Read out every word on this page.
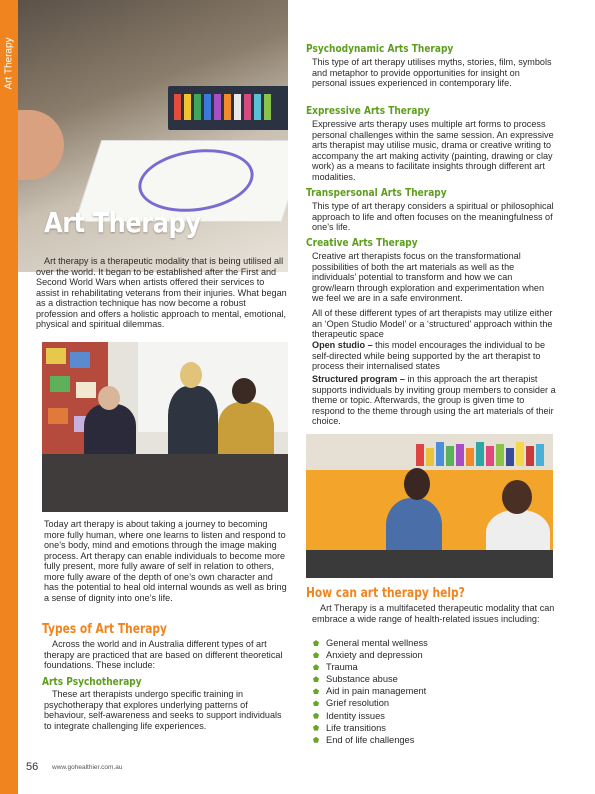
Art Therapy
Art Therapy

Art therapy is a therapeutic modality that is being utilised all over the world. It began to be established after the First and Second World Wars when artists offered their services to assist in rehabilitating veterans from their injuries. What began as a distraction technique has now become a robust profession and offers a holistic approach to mental, emotional, physical and spiritual dilemmas.

Today art therapy is about taking a journey to becoming more fully human, where one learns to listen and respond to one’s body, mind and emotions through the image making process. Art therapy can enable individuals to become more fully present, more fully aware of self in relation to others, more fully aware of the depth of one’s own character and has the potential to heal old internal wounds as well as bring a sense of dignity into one’s life.

Types of Art Therapy

Across the world and in Australia different types of art therapy are practiced that are based on different theoretical foundations. These include:

Arts Psychotherapy

These art therapists undergo specific training in psychotherapy that explores underlying patterns of behaviour, self-awareness and seeks to support individuals to integrate challenging life experiences.

Psychodynamic Arts Therapy

This type of art therapy utilises myths, stories, film, symbols and metaphor to provide opportunities for insight on personal issues experienced in contemporary life.

Expressive Arts Therapy

Expressive arts therapy uses multiple art forms to process personal challenges within the same session. An expressive arts therapist may utilise music, drama or creative writing to accompany the art making activity (painting, drawing or clay work) as a means to facilitate insights through different art modalities.

Transpersonal Arts Therapy

This type of art therapy considers a spiritual or philosophical approach to life and often focuses on the meaningfulness of one’s life.

Creative Arts Therapy

Creative art therapists focus on the transformational possibilities of both the art materials as well as the individuals’ potential to transform and how we can grow/learn through exploration and experimentation when we feel we are in a safe environment.

All of these different types of art therapists may utilize either an ‘Open Studio Model’ or a ‘structured’ approach within the therapeutic space

Open studio – this model encourages the individual to be self-directed while being supported by the art therapist to process their internalised states

Structured program – in this approach the art therapist supports individuals by inviting group members to consider a theme or topic. Afterwards, the group is given time to respond to the theme through using the art materials of their choice.

How can art therapy help?

Art Therapy is a multifaceted therapeutic modality that can embrace a wide range of health-related issues including:

General mental wellness
Anxiety and depression
Trauma
Substance abuse
Aid in pain management
Grief resolution
Identity issues
Life transitions
End of life challenges
56 www.gohealthier.com.au
